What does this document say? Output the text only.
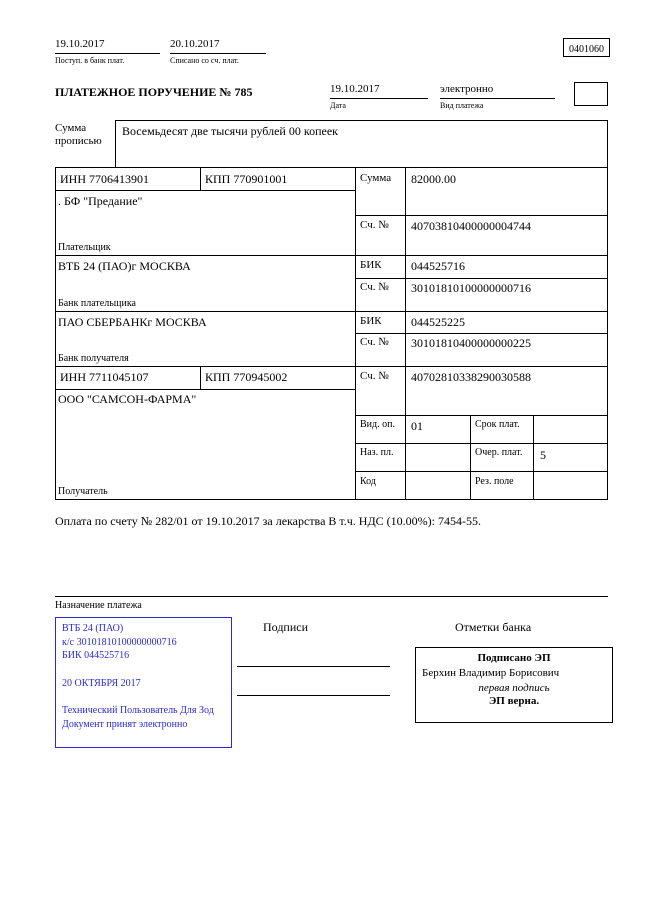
19.10.2017
Поступ. в банк плат.
20.10.2017
Списано со сч. плат.
0401060
ПЛАТЕЖНОЕ ПОРУЧЕНИЕ № 785	19.10.2017
Дата
электронно
Вид платежа
Сумма прописью
Восемьдесят две тысячи рублей 00 копеек
ИНН 7706413901	КПП 770901001	Сумма 82000.00
. БФ "Предание"
Сч. № 40703810400000004744
Плательщик
ВТБ 24 (ПАО)г МОСКВА	БИК 044525716
Сч. № 30101810100000000716
Банк плательщика
ПАО СБЕРБАНКг МОСКВА	БИК 044525225
Сч. № 30101810400000000225
Банк получателя
ИНН 7711045107	КПП 770945002	Сч. № 40702810338290030588
ООО "САМСОН-ФАРМА"
Вид. оп. 01	Срок плат.
Наз. пл.	Очер. плат.	5
Код	Рез. поле
Получатель
Оплата по счету № 282/01 от 19.10.2017 за лекарства В т.ч. НДС (10.00%): 7454-55.
Назначение платежа
ВТБ 24 (ПАО)
к/с 30101810100000000716
БИК 044525716
20 ОКТЯБРЯ 2017
Технический Пользователь Для Зод
Документ принят электронно
Подписи	Отметки банка
Подписано ЭП
Берхин Владимир Борисович
первая подпись
ЭП верна.
